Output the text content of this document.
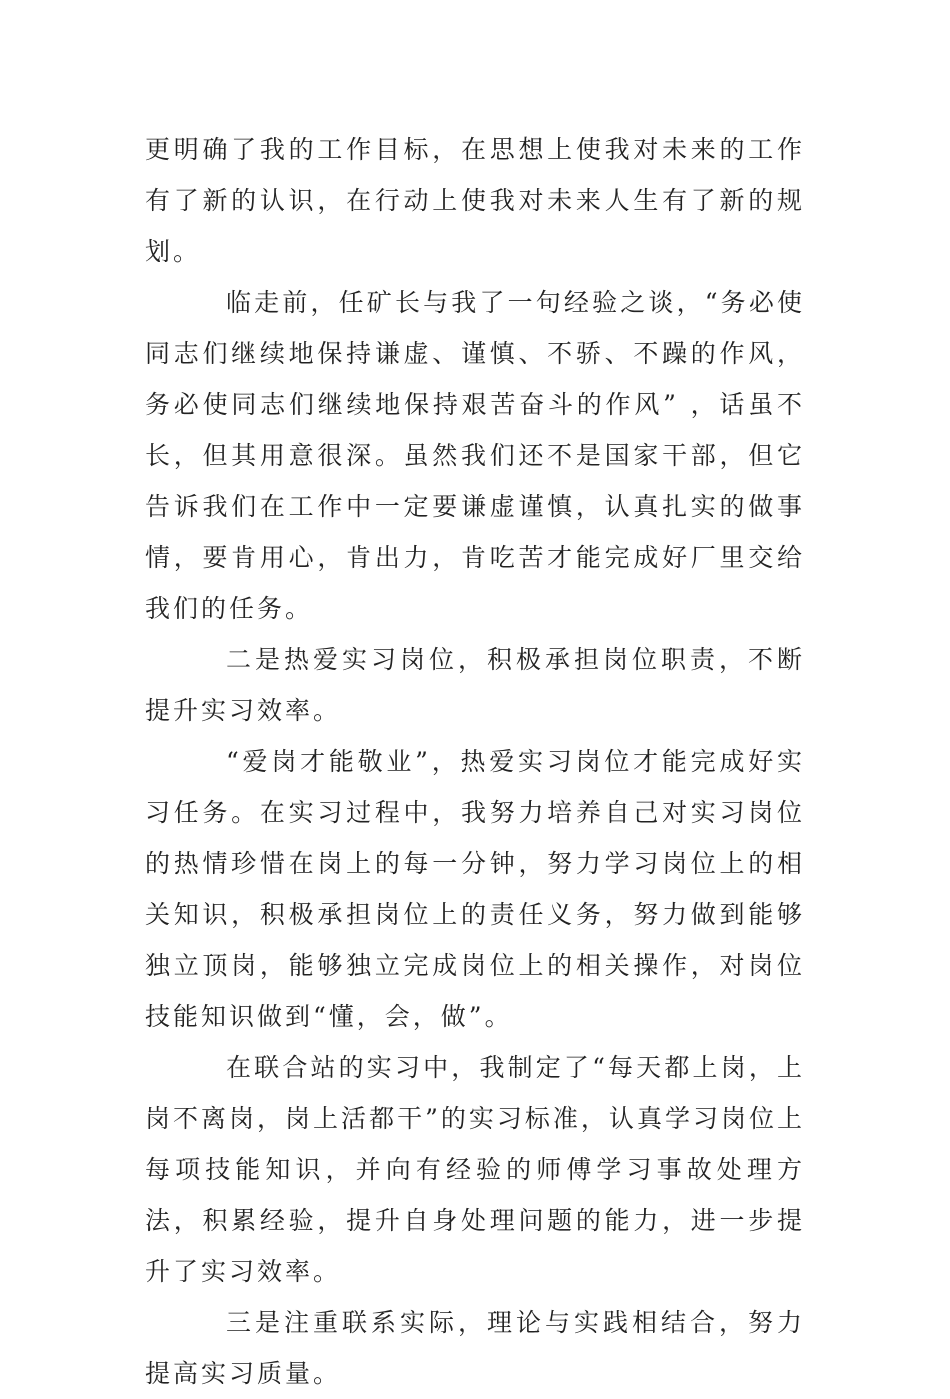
更明确了我的工作目标，在思想上使我对未来的工作有了新的认识，在行动上使我对未来人生有了新的规划。

临走前，任矿长与我了一句经验之谈，“务必使同志们继续地保持谦虚、谨慎、不骄、不躁的作风，务必使同志们继续地保持艰苦奋斗的作风” ，话虽不长，但其用意很深。虽然我们还不是国家干部，但它告诉我们在工作中一定要谦虚谨慎，认真扎实的做事情，要肯用心，肯出力，肯吃苦才能完成好厂里交给我们的任务。

二是热爱实习岗位，积极承担岗位职责，不断提升实习效率。

“爱岗才能敬业”，热爱实习岗位才能完成好实习任务。在实习过程中，我努力培养自己对实习岗位的热情珍惜在岗上的每一分钟，努力学习岗位上的相关知识，积极承担岗位上的责任义务，努力做到能够独立顶岗，能够独立完成岗位上的相关操作，对岗位技能知识做到“懂，会，做”。

在联合站的实习中，我制定了“每天都上岗，上岗不离岗，岗上活都干”的实习标准，认真学习岗位上每项技能知识，并向有经验的师傅学习事故处理方法，积累经验，提升自身处理问题的能力，进一步提升了实习效率。

三是注重联系实际，理论与实践相结合，努力提高实习质量。
